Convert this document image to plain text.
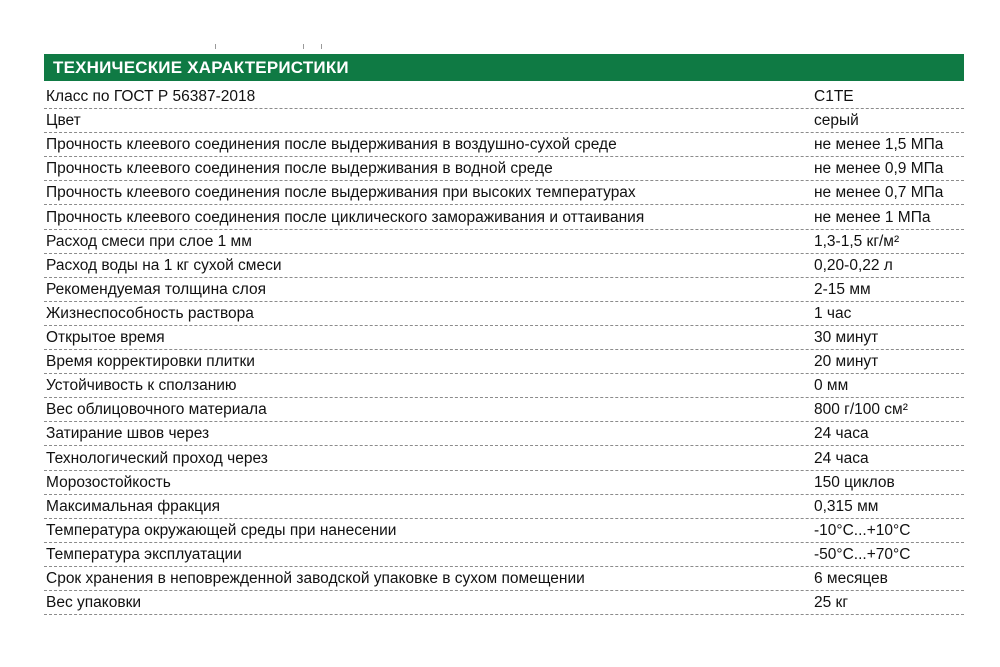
ТЕХНИЧЕСКИЕ ХАРАКТЕРИСТИКИ
Класс по ГОСТ Р 56387-2018	C1TE
Цвет	серый
Прочность клеевого соединения после выдерживания в воздушно-сухой среде	не менее 1,5 МПа
Прочность клеевого соединения после выдерживания в водной среде	не менее 0,9 МПа
Прочность клеевого соединения после выдерживания при высоких температурах	не менее 0,7 МПа
Прочность клеевого соединения после циклического замораживания и оттаивания	не менее 1 МПа
Расход смеси при слое 1 мм	1,3-1,5 кг/м²
Расход воды на 1 кг сухой смеси	0,20-0,22 л
Рекомендуемая толщина слоя	2-15 мм
Жизнеспособность раствора	1 час
Открытое время	30 минут
Время корректировки плитки	20 минут
Устойчивость к сползанию	0 мм
Вес облицовочного материала	800 г/100 см²
Затирание швов через	24 часа
Технологический проход через	24 часа
Морозостойкость	150 циклов
Максимальная фракция	0,315 мм
Температура окружающей среды при нанесении	-10°C...+10°C
Температура эксплуатации	-50°C...+70°C
Срок хранения в неповрежденной заводской упаковке в сухом помещении	6 месяцев
Вес упаковки	25 кг
